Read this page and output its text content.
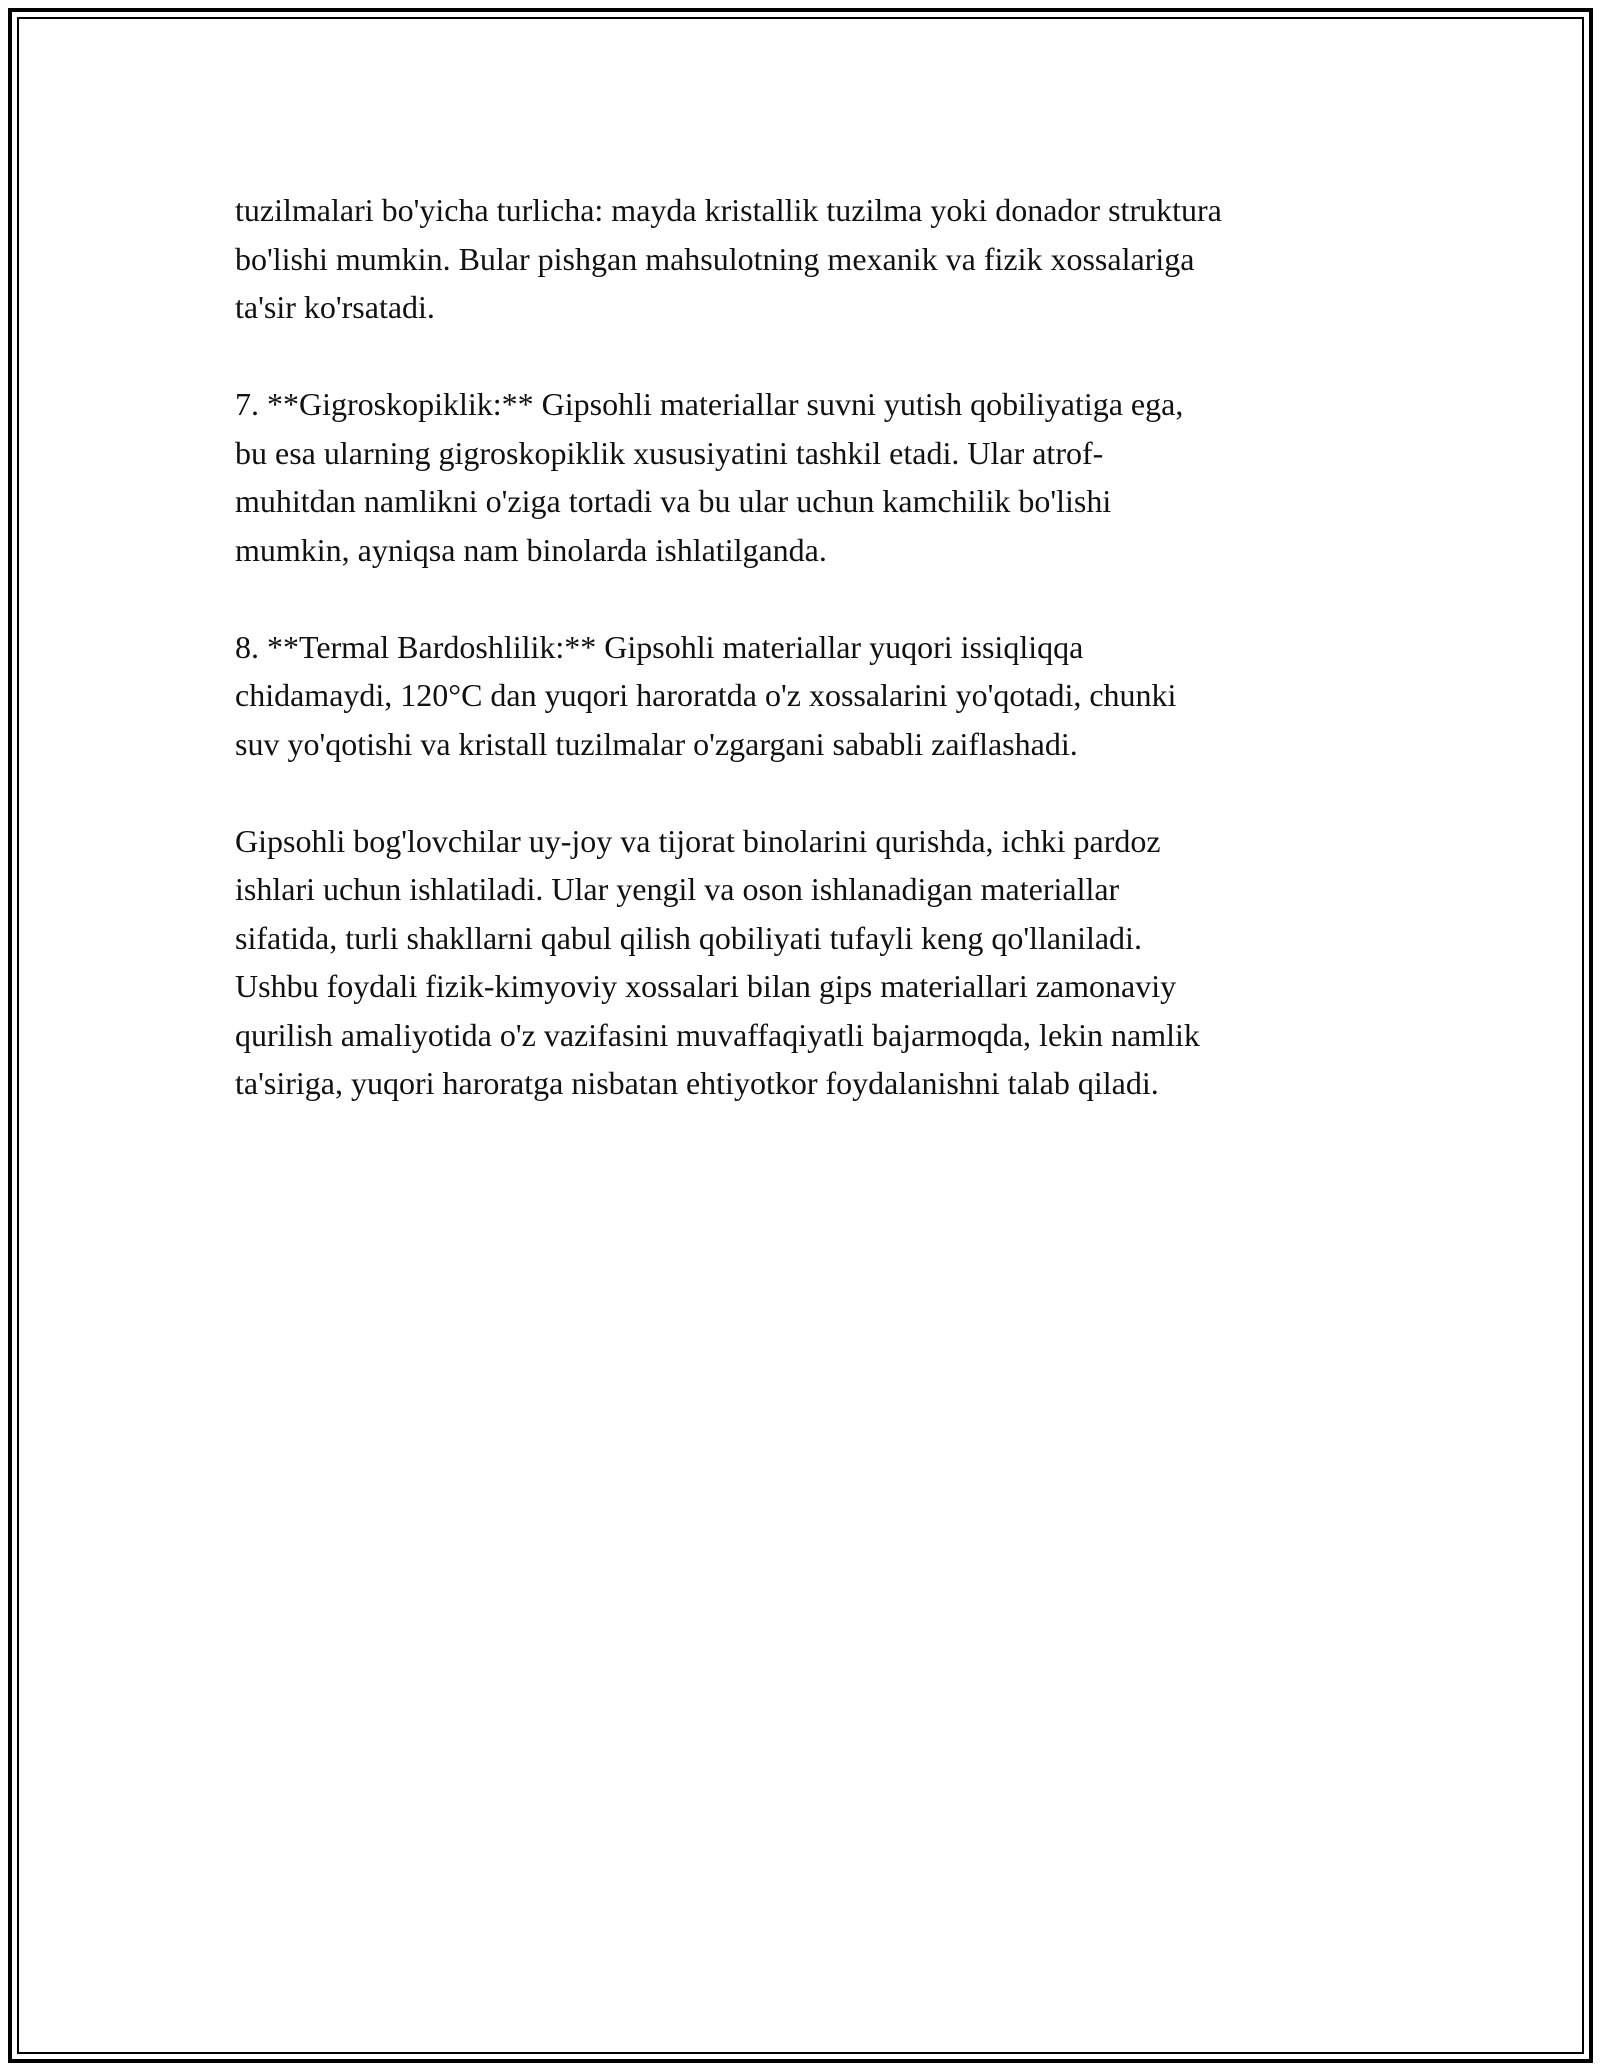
tuzilmalari bo'yicha turlicha: mayda kristallik tuzilma yoki donador struktura
bo'lishi mumkin. Bular pishgan mahsulotning mexanik va fizik xossalariga
ta'sir ko'rsatadi.

7. **Gigroskopiklik:** Gipsohli materiallar suvni yutish qobiliyatiga ega,
bu esa ularning gigroskopiklik xususiyatini tashkil etadi. Ular atrof-
muhitdan namlikni o'ziga tortadi va bu ular uchun kamchilik bo'lishi
mumkin, ayniqsa nam binolarda ishlatilganda.

8. **Termal Bardoshlilik:** Gipsohli materiallar yuqori issiqliqqa
chidamaydi, 120°C dan yuqori haroratda o'z xossalarini yo'qotadi, chunki
suv yo'qotishi va kristall tuzilmalar o'zgargani sababli zaiflashadi.

Gipsohli bog'lovchilar uy-joy va tijorat binolarini qurishda, ichki pardoz
ishlari uchun ishlatiladi. Ular yengil va oson ishlanadigan materiallar
sifatida, turli shakllarni qabul qilish qobiliyati tufayli keng qo'llaniladi.
Ushbu foydali fizik-kimyoviy xossalari bilan gips materiallari zamonaviy
qurilish amaliyotida o'z vazifasini muvaffaqiyatli bajarmoqda, lekin namlik
ta'siriga, yuqori haroratga nisbatan ehtiyotkor foydalanishni talab qiladi.
